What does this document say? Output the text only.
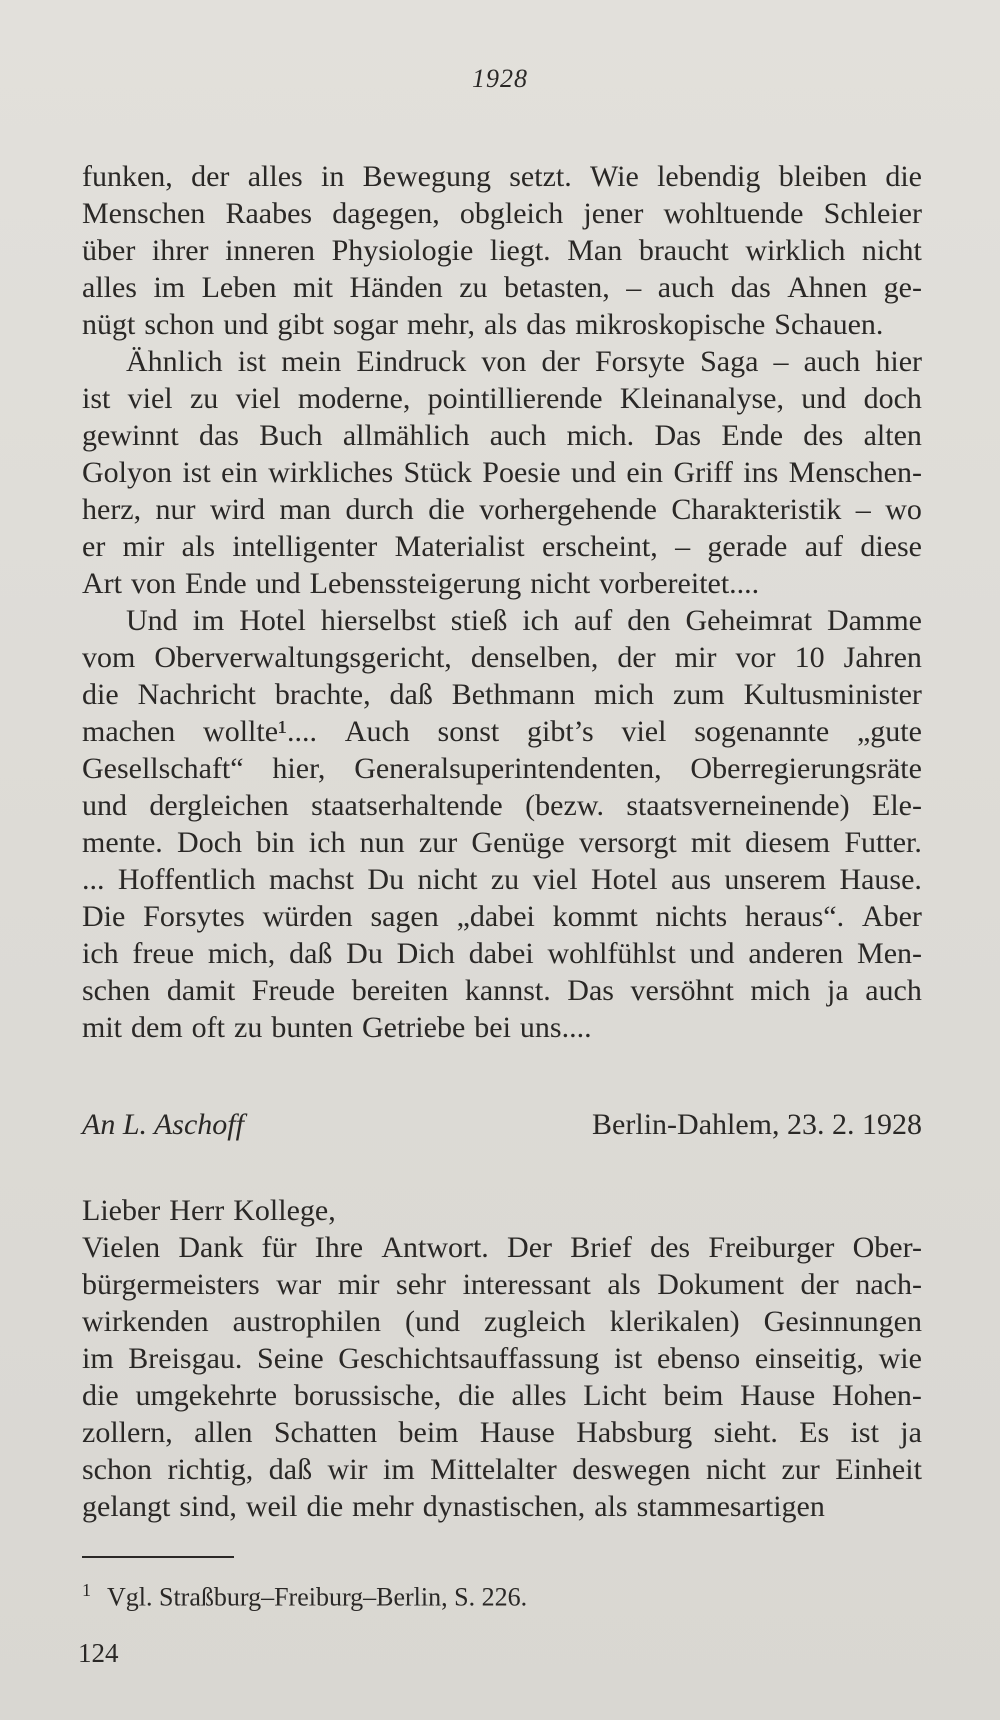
1928
funken, der alles in Bewegung setzt. Wie lebendig bleiben die
Menschen Raabes dagegen, obgleich jener wohltuende Schleier
über ihrer inneren Physiologie liegt. Man braucht wirklich nicht
alles im Leben mit Händen zu betasten, – auch das Ahnen ge-
nügt schon und gibt sogar mehr, als das mikroskopische Schauen.
Ähnlich ist mein Eindruck von der Forsyte Saga – auch hier
ist viel zu viel moderne, pointillierende Kleinanalyse, und doch
gewinnt das Buch allmählich auch mich. Das Ende des alten
Golyon ist ein wirkliches Stück Poesie und ein Griff ins Menschen-
herz, nur wird man durch die vorhergehende Charakteristik – wo
er mir als intelligenter Materialist erscheint, – gerade auf diese
Art von Ende und Lebenssteigerung nicht vorbereitet....
Und im Hotel hierselbst stieß ich auf den Geheimrat Damme
vom Oberverwaltungsgericht, denselben, der mir vor 10 Jahren
die Nachricht brachte, daß Bethmann mich zum Kultusminister
machen wollte¹.... Auch sonst gibt’s viel sogenannte „gute
Gesellschaft“ hier, Generalsuperintendenten, Oberregierungsräte
und dergleichen staatserhaltende (bezw. staatsverneinende) Ele-
mente. Doch bin ich nun zur Genüge versorgt mit diesem Futter.
... Hoffentlich machst Du nicht zu viel Hotel aus unserem Hause.
Die Forsytes würden sagen „dabei kommt nichts heraus“. Aber
ich freue mich, daß Du Dich dabei wohlfühlst und anderen Men-
schen damit Freude bereiten kannst. Das versöhnt mich ja auch
mit dem oft zu bunten Getriebe bei uns....
An L. Aschoff	Berlin-Dahlem, 23. 2. 1928
Lieber Herr Kollege,
Vielen Dank für Ihre Antwort. Der Brief des Freiburger Ober-
bürgermeisters war mir sehr interessant als Dokument der nach-
wirkenden austrophilen (und zugleich klerikalen) Gesinnungen
im Breisgau. Seine Geschichtsauffassung ist ebenso einseitig, wie
die umgekehrte borussische, die alles Licht beim Hause Hohen-
zollern, allen Schatten beim Hause Habsburg sieht. Es ist ja
schon richtig, daß wir im Mittelalter deswegen nicht zur Einheit
gelangt sind, weil die mehr dynastischen, als stammesartigen
$^1$ Vgl. Straßburg–Freiburg–Berlin, S. 226.
124
